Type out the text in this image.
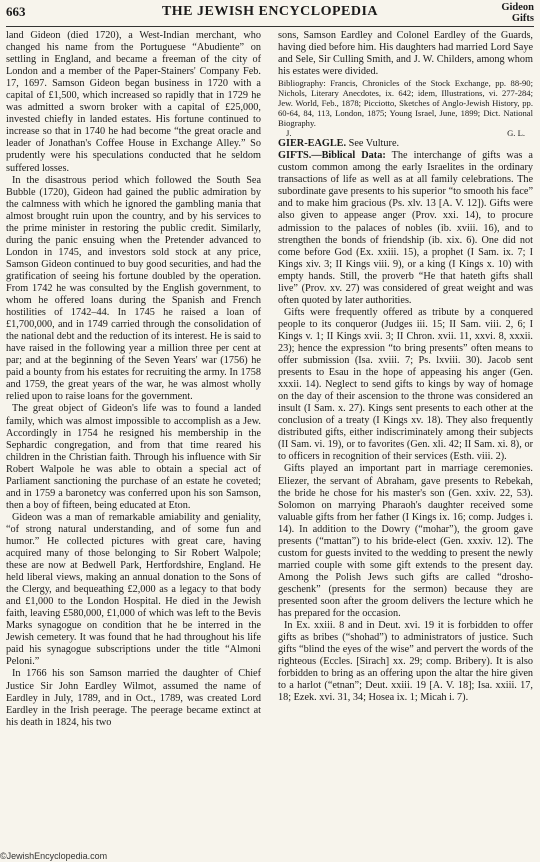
663	THE JEWISH ENCYCLOPEDIA	Gideon
Gifts

land Gideon (died 1720), a West-Indian merchant, who changed his name from the Portuguese “Abudiente” on settling in England, and became a freeman of the city of London and a member of the Paper-Stainers' Company Feb. 17, 1697. Samson Gideon began business in 1720 with a capital of £1,500, which increased so rapidly that in 1729 he was admitted a sworn broker with a capital of £25,000, invested chiefly in landed estates. His fortune continued to increase so that in 1740 he had become “the great oracle and leader of Jonathan's Coffee House in Exchange Alley.” So prudently were his speculations conducted that he seldom suffered losses.

In the disastrous period which followed the South Sea Bubble (1720), Gideon had gained the public admiration by the calmness with which he ignored the gambling mania that almost brought ruin upon the country, and by his services to the prime minister in restoring the public credit. Similarly, during the panic ensuing when the Pretender advanced to London in 1745, and investors sold stock at any price, Samson Gideon continued to buy good securities, and had the gratification of seeing his fortune doubled by the operation. From 1742 he was consulted by the English government, to whom he offered loans during the Spanish and French hostilities of 1742–44. In 1745 he raised a loan of £1,700,000, and in 1749 carried through the consolidation of the national debt and the reduction of its interest. He is said to have raised in the following year a million three per cent at par; and at the beginning of the Seven Years' war (1756) he paid a bounty from his estates for recruiting the army. In 1758 and 1759, the great years of the war, he was almost wholly relied upon to raise loans for the government.

The great object of Gideon's life was to found a landed family, which was almost impossible to accomplish as a Jew. Accordingly in 1754 he resigned his membership in the Sephardic congregation, and from that time reared his children in the Christian faith. Through his influence with Sir Robert Walpole he was able to obtain a special act of Parliament sanctioning the purchase of an estate he coveted; and in 1759 a baronetcy was conferred upon his son Samson, then a boy of fifteen, being educated at Eton.

Gideon was a man of remarkable amiability and geniality, “of strong natural understanding, and of some fun and humor.” He collected pictures with great care, having acquired many of those belonging to Sir Robert Walpole; these are now at Bedwell Park, Hertfordshire, England. He held liberal views, making an annual donation to the Sons of the Clergy, and bequeathing £2,000 as a legacy to that body and £1,000 to the London Hospital. He died in the Jewish faith, leaving £580,000, £1,000 of which was left to the Bevis Marks synagogue on condition that he be interred in the Jewish cemetery. It was found that he had throughout his life paid his synagogue subscriptions under the title “Almoni Peloni.”

In 1766 his son Samson married the daughter of Chief Justice Sir John Eardley Wilmot, assumed the name of Eardley in July, 1789, and in Oct., 1789, was created Lord Eardley in the Irish peerage. The peerage became extinct at his death in 1824, his two

sons, Samson Eardley and Colonel Eardley of the Guards, having died before him. His daughters had married Lord Saye and Sele, Sir Culling Smith, and J. W. Childers, among whom his estates were divided.

Bibliography: Francis, Chronicles of the Stock Exchange, pp. 88-90; Nichols, Literary Anecdotes, ix. 642; idem, Illustrations, vi. 277-284; Jew. World, Feb., 1878; Picciotto, Sketches of Anglo-Jewish History, pp. 60-64, 84, 113, London, 1875; Young Israel, June, 1899; Dict. National Biography.

J.	G. L.

GIER-EAGLE. See Vulture.

GIFTS.—Biblical Data: The interchange of gifts was a custom common among the early Israelites in the ordinary transactions of life as well as at all family celebrations. The subordinate gave presents to his superior “to smooth his face” and to make him gracious (Ps. xlv. 13 [A. V. 12]). Gifts were also given to appease anger (Prov. xxi. 14), to procure admission to the palaces of nobles (ib. xviii. 16), and to strengthen the bonds of friendship (ib. xix. 6). One did not come before God (Ex. xxiii. 15), a prophet (I Sam. ix. 7; I Kings xiv. 3; II Kings viii. 9), or a king (I Kings x. 10) with empty hands. Still, the proverb “He that hateth gifts shall live” (Prov. xv. 27) was considered of great weight and was often quoted by later authorities.

Gifts were frequently offered as tribute by a conquered people to its conqueror (Judges iii. 15; II Sam. viii. 2, 6; I Kings v. 1; II Kings xvii. 3; II Chron. xvii. 11, xxvi. 8, xxxii. 23); hence the expression “to bring presents” often means to offer submission (Isa. xviii. 7; Ps. lxviii. 30). Jacob sent presents to Esau in the hope of appeasing his anger (Gen. xxxii. 14). Neglect to send gifts to kings by way of homage on the day of their ascension to the throne was considered an insult (I Sam. x. 27). Kings sent presents to each other at the conclusion of a treaty (I Kings xv. 18). They also frequently distributed gifts, either indiscriminately among their subjects (II Sam. vi. 19), or to favorites (Gen. xli. 42; II Sam. xi. 8), or to officers in recognition of their services (Esth. viii. 2).

Gifts played an important part in marriage ceremonies. Eliezer, the servant of Abraham, gave presents to Rebekah, the bride he chose for his master's son (Gen. xxiv. 22, 53). Solomon on marrying Pharaoh's daughter received some valuable gifts from her father (I Kings ix. 16; comp. Judges i. 14). In addition to the Dowry (“mohar”), the groom gave presents (“mattan”) to his bride-elect (Gen. xxxiv. 12). The custom for guests invited to the wedding to present the newly married couple with some gift extends to the present day. Among the Polish Jews such gifts are called “drosho-geschenk” (presents for the sermon) because they are presented soon after the groom delivers the lecture which he has prepared for the occasion.

In Ex. xxiii. 8 and in Deut. xvi. 19 it is forbidden to offer gifts as bribes (“shohad”) to administrators of justice. Such gifts “blind the eyes of the wise” and pervert the words of the righteous (Eccles. [Sirach] xx. 29; comp. Bribery). It is also forbidden to bring as an offering upon the altar the hire given to a harlot (“etnan”; Deut. xxiii. 19 [A. V. 18]; Isa. xxiii. 17, 18; Ezek. xvi. 31, 34; Hosea ix. 1; Micah i. 7).

©JewishEncyclopedia.com
